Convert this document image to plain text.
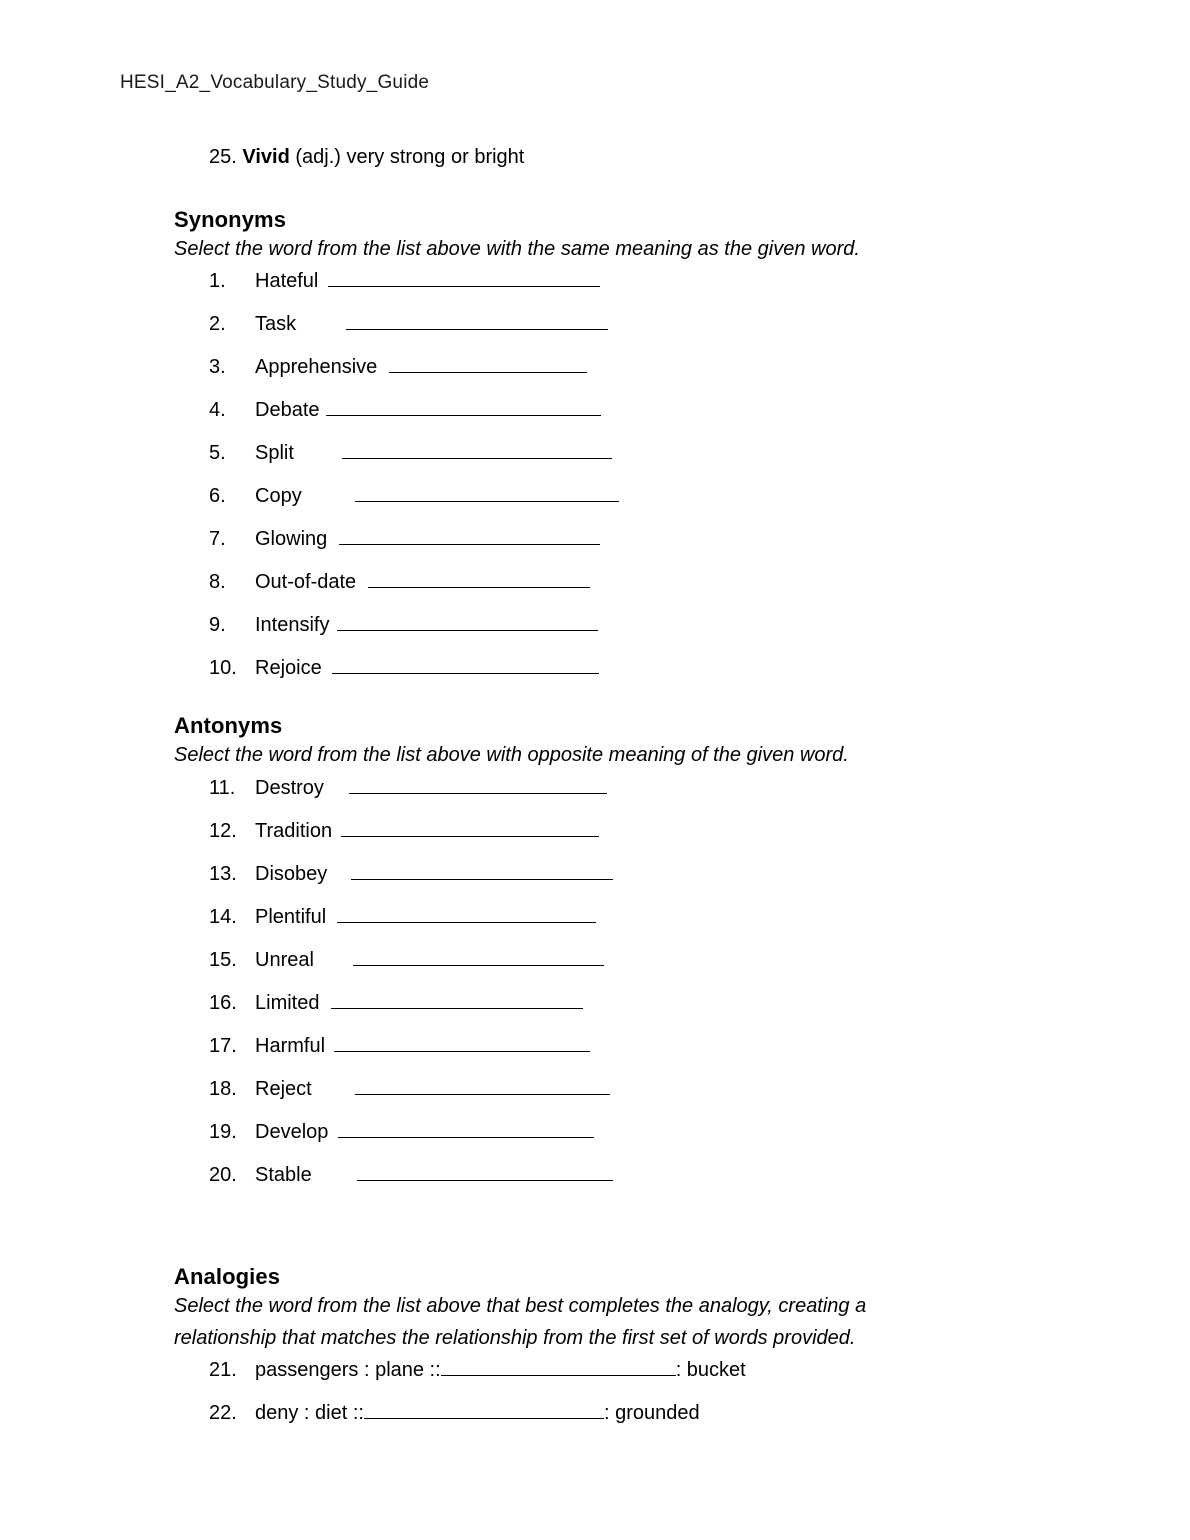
HESI_A2_Vocabulary_Study_Guide
25. Vivid (adj.) very strong or bright
Synonyms

Select the word from the list above with the same meaning as the given word.

1.	Hateful
2.	Task
3.	Apprehensive
4.	Debate
5.	Split
6.	Copy
7.	Glowing
8.	Out-of-date
9.	Intensify
10. Rejoice
Antonyms

Select the word from the list above with opposite meaning of the given word.

11. Destroy
12. Tradition
13. Disobey
14. Plentiful
15. Unreal
16. Limited
17. Harmful
18. Reject
19. Develop
20. Stable
Analogies

Select the word from the list above that best completes the analogy, creating a

relationship that matches the relationship from the first set of words provided.

21. passengers : plane ::	: bucket
22. deny : diet ::	: grounded
